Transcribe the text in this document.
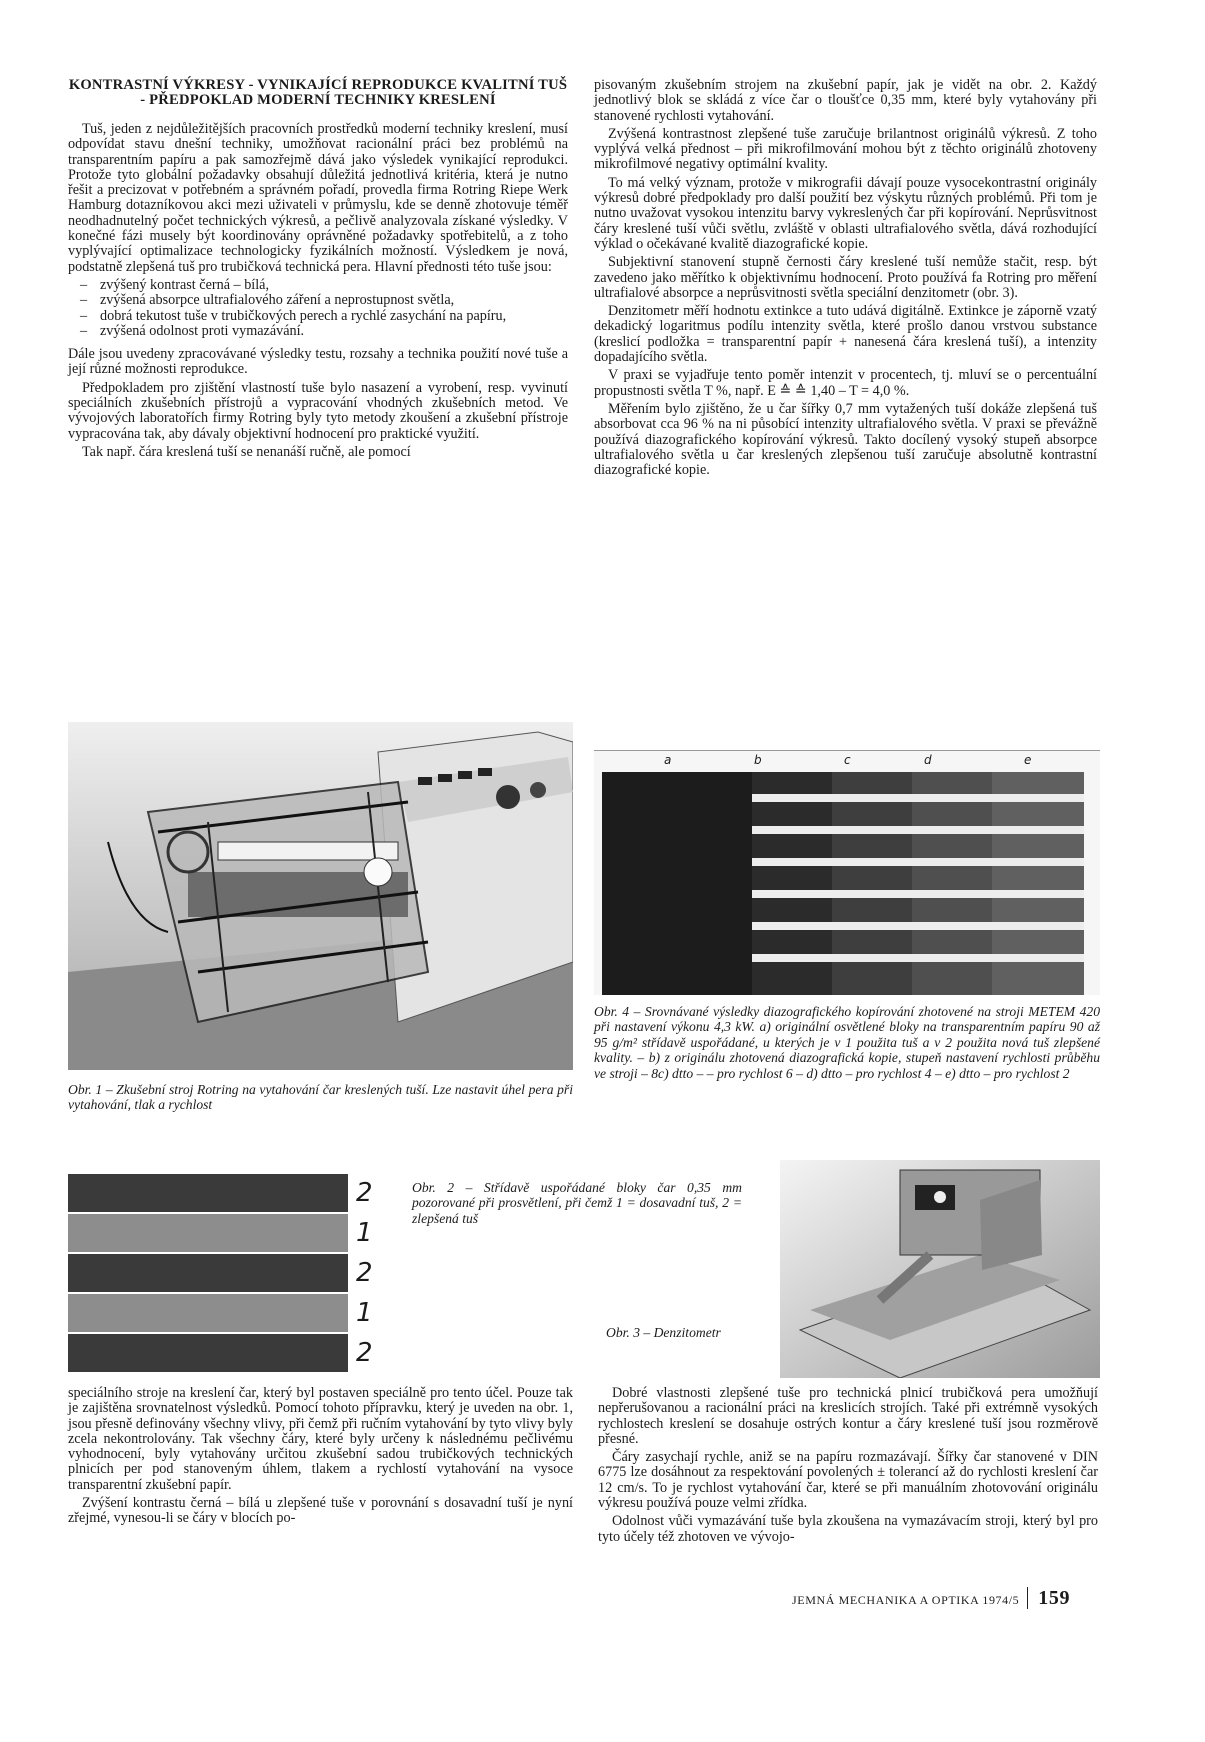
KONTRASTNÍ VÝKRESY - VYNIKAJÍCÍ REPRODUKCE KVALITNÍ TUŠ - PŘEDPOKLAD MODERNÍ TECHNIKY KRESLENÍ

Tuš, jeden z nejdůležitějších pracovních prostředků moderní techniky kreslení, musí odpovídat stavu dnešní techniky, umožňovat racionální práci bez problémů na transparentním papíru a pak samozřejmě dává jako výsledek vynikající reprodukci. Protože tyto globální požadavky obsahují důležitá jednotlivá kritéria, která je nutno řešit a precizovat v potřebném a správném pořadí, provedla firma Rotring Riepe Werk Hamburg dotazníkovou akci mezi uživateli v průmyslu, kde se denně zhotovuje téměř neodhadnutelný počet technických výkresů, a pečlivě analyzovala získané výsledky. V konečné fázi musely být koordinovány oprávněné požadavky spotřebitelů, a z toho vyplývající optimalizace technologicky fyzikálních možností. Výsledkem je nová, podstatně zlepšená tuš pro trubičková technická pera. Hlavní přednosti této tuše jsou:

– zvýšený kontrast černá – bílá,
– zvýšená absorpce ultrafialového záření a neprostupnost světla,
– dobrá tekutost tuše v trubičkových perech a rychlé zasychání na papíru,
– zvýšená odolnost proti vymazávání.

Dále jsou uvedeny zpracovávané výsledky testu, rozsahy a technika použití nové tuše a její různé možnosti reprodukce.

Předpokladem pro zjištění vlastností tuše bylo nasazení a vyrobení, resp. vyvinutí speciálních zkušebních přístrojů a vypracování vhodných zkušebních metod. Ve vývojových laboratořích firmy Rotring byly tyto metody zkoušení a zkušební přístroje vypracována tak, aby dávaly objektivní hodnocení pro praktické využití.

Tak např. čára kreslená tuší se nenanáší ručně, ale pomocí

pisovaným zkušebním strojem na zkušební papír, jak je vidět na obr. 2. Každý jednotlivý blok se skládá z více čar o tloušťce 0,35 mm, které byly vytahovány při stanovené rychlosti vytahování.

Zvýšená kontrastnost zlepšené tuše zaručuje brilantnost originálů výkresů. Z toho vyplývá velká přednost – při mikrofilmování mohou být z těchto originálů zhotoveny mikrofilmové negativy optimální kvality.

To má velký význam, protože v mikrografii dávají pouze vysocekontrastní originály výkresů dobré předpoklady pro další použití bez výskytu různých problémů. Při tom je nutno uvažovat vysokou intenzitu barvy vykreslených čar při kopírování. Neprůsvitnost čáry kreslené tuší vůči světlu, zvláště v oblasti ultrafialového světla, dává rozhodující výklad o očekávané kvalitě diazografické kopie.

Subjektivní stanovení stupně černosti čáry kreslené tuší nemůže stačit, resp. být zavedeno jako měřítko k objektivnímu hodnocení. Proto používá fa Rotring pro měření ultrafialové absorpce a neprůsvitnosti světla speciální denzitometr (obr. 3).

Denzitometr měří hodnotu extinkce a tuto udává digitálně. Extinkce je záporně vzatý dekadický logaritmus podílu intenzity světla, které prošlo danou vrstvou substance (kreslicí podložka = transparentní papír + nanesená čára kreslená tuší), a intenzity dopadajícího světla.

V praxi se vyjadřuje tento poměr intenzit v procentech, tj. mluví se o percentuální propustnosti světla T %, např. E ≙ ≙ 1,40 – T = 4,0 %.

Měřením bylo zjištěno, že u čar šířky 0,7 mm vytažených tuší dokáže zlepšená tuš absorbovat cca 96 % na ni působící intenzity ultrafialového světla. V praxi se převážně používá diazografického kopírování výkresů. Takto docílený vysoký stupeň absorpce ultrafialového světla u čar kreslených zlepšenou tuší zaručuje absolutně kontrastní diazografické kopie.

Obr. 1 – Zkušební stroj Rotring na vytahování čar kreslených tuší. Lze nastavit úhel pera při vytahování, tlak a rychlost
a	b	c	d	e
Obr. 4 – Srovnávané výsledky diazografického kopírování zhotovené na stroji METEM 420 při nastavení výkonu 4,3 kW. a) originální osvětlené bloky na transparentním papíru 90 až 95 g/m² střídavě uspořádané, u kterých je v 1 použita tuš a v 2 použita nová tuš zlepšené kvality. – b) z originálu zhotovená diazografická kopie, stupeň nastavení rychlosti průběhu ve stroji – 8c) dtto – – pro rychlost 6 – d) dtto – pro rychlost 4 – e) dtto – pro rychlost 2
2
1
2
1
2
Obr. 2 – Střídavě uspořádané bloky čar 0,35 mm pozorované při prosvětlení, při čemž 1 = dosavadní tuš, 2 = zlepšená tuš
Obr. 3 – Denzitometr

speciálního stroje na kreslení čar, který byl postaven speciálně pro tento účel. Pouze tak je zajištěna srovnatelnost výsledků. Pomocí tohoto přípravku, který je uveden na obr. 1, jsou přesně definovány všechny vlivy, při čemž při ručním vytahování by tyto vlivy byly zcela nekontrolovány. Tak všechny čáry, které byly určeny k následnému pečlivému vyhodnocení, byly vytahovány určitou zkušební sadou trubičkových technických plnicích per pod stanoveným úhlem, tlakem a rychlostí vytahování na vysoce transparentní zkušební papír.

Zvýšení kontrastu černá – bílá u zlepšené tuše v porovnání s dosavadní tuší je nyní zřejmé, vynesou-li se čáry v blocích po-

Dobré vlastnosti zlepšené tuše pro technická plnicí trubičková pera umožňují nepřerušovanou a racionální práci na kreslicích strojích. Také při extrémně vysokých rychlostech kreslení se dosahuje ostrých kontur a čáry kreslené tuší jsou rozměrově přesné.

Čáry zasychají rychle, aniž se na papíru rozmazávají. Šířky čar stanovené v DIN 6775 lze dosáhnout za respektování povolených ± tolerancí až do rychlosti kreslení čar 12 cm/s. To je rychlost vytahování čar, které se při manuálním zhotovování originálu výkresu používá pouze velmi zřídka.

Odolnost vůči vymazávání tuše byla zkoušena na vymazávacím stroji, který byl pro tyto účely též zhotoven ve vývojo-

JEMNÁ MECHANIKA A OPTIKA 1974/5 159
